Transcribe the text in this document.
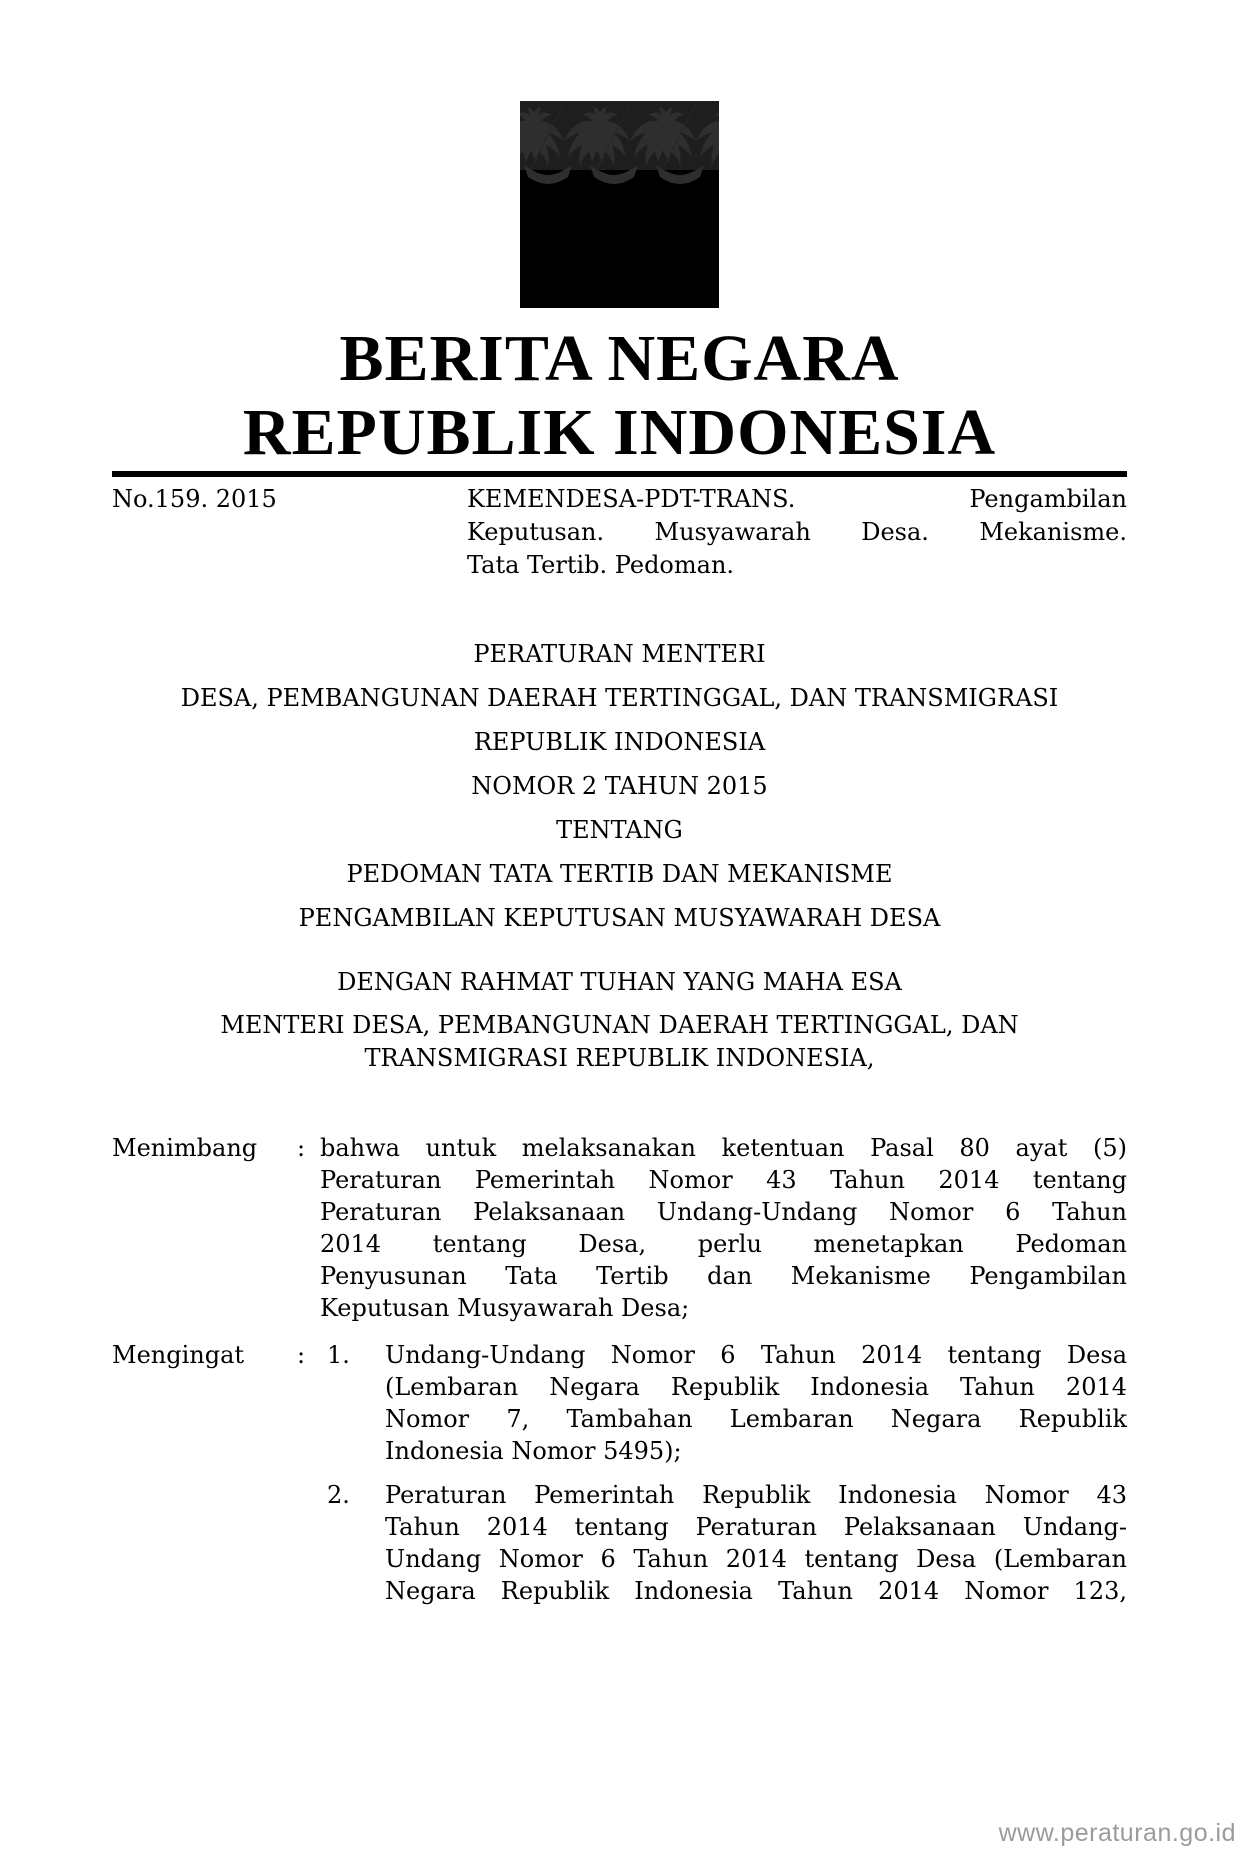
BERITA NEGARA
REPUBLIK INDONESIA
No.159. 2015	KEMENDESA-PDT-TRANS. Pengambilan
Keputusan. Musyawarah Desa. Mekanisme.
Tata Tertib. Pedoman.
PERATURAN MENTERI
DESA, PEMBANGUNAN DAERAH TERTINGGAL, DAN TRANSMIGRASI
REPUBLIK INDONESIA
NOMOR 2 TAHUN 2015
TENTANG
PEDOMAN TATA TERTIB DAN MEKANISME
PENGAMBILAN KEPUTUSAN MUSYAWARAH DESA
DENGAN RAHMAT TUHAN YANG MAHA ESA
MENTERI DESA, PEMBANGUNAN DAERAH TERTINGGAL, DAN
TRANSMIGRASI REPUBLIK INDONESIA,
Menimbang	: bahwa untuk melaksanakan ketentuan Pasal 80 ayat (5)
Peraturan Pemerintah Nomor 43 Tahun 2014 tentang
Peraturan Pelaksanaan Undang-Undang Nomor 6 Tahun
2014 tentang Desa, perlu menetapkan Pedoman
Penyusunan Tata Tertib dan Mekanisme Pengambilan
Keputusan Musyawarah Desa;
Mengingat	: 1.	Undang-Undang Nomor 6 Tahun 2014 tentang Desa
(Lembaran Negara Republik Indonesia Tahun 2014
Nomor 7, Tambahan Lembaran Negara Republik
Indonesia Nomor 5495);
2.	Peraturan Pemerintah Republik Indonesia Nomor 43
Tahun 2014 tentang Peraturan Pelaksanaan Undang-
Undang Nomor 6 Tahun 2014 tentang Desa (Lembaran
Negara Republik Indonesia Tahun 2014 Nomor 123,
www.peraturan.go.id
